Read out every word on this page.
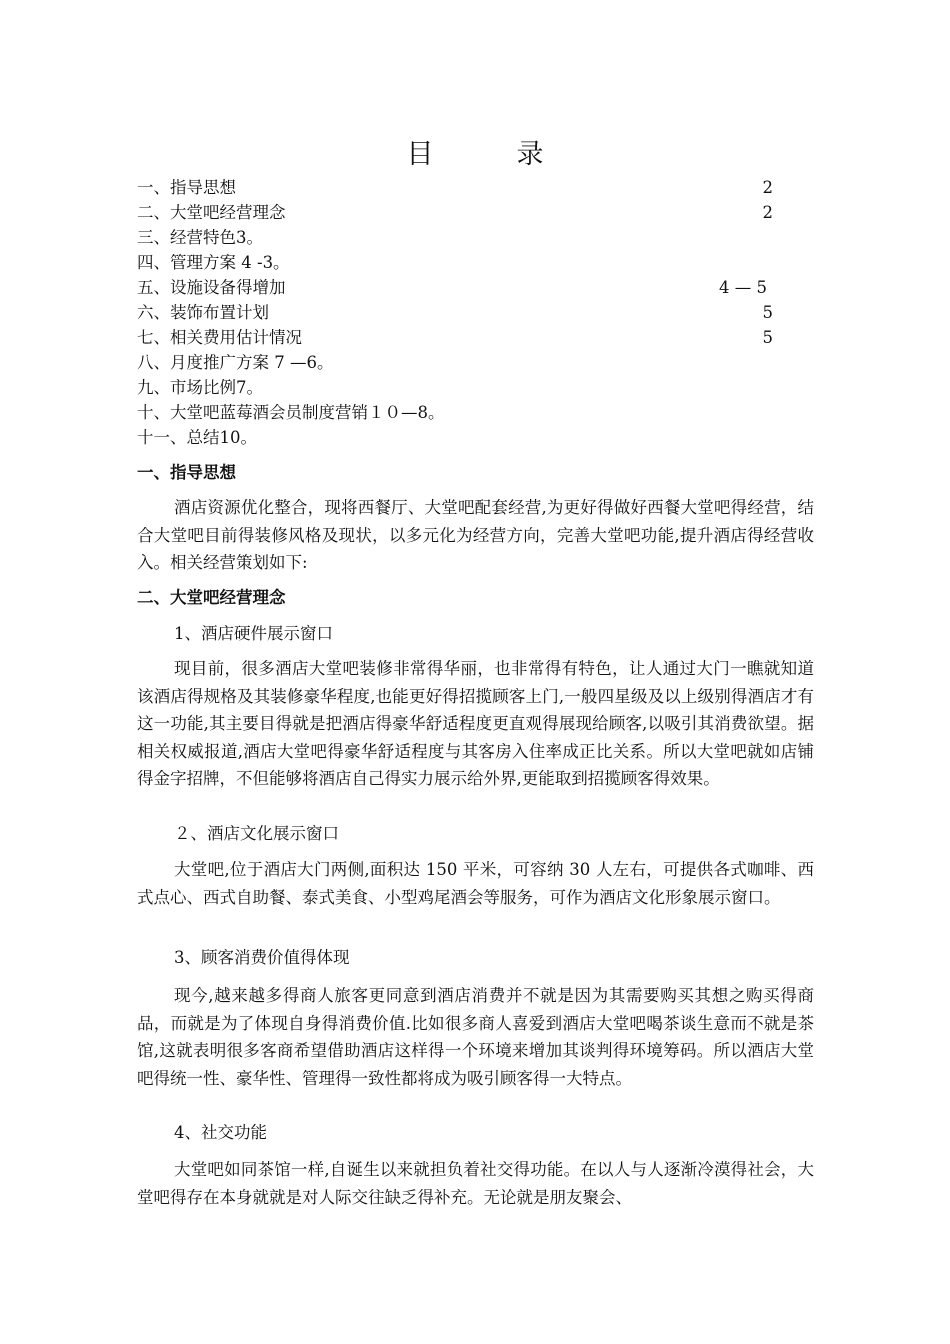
目　录
一、指导思想	2
二、大堂吧经营理念	2
三、经营特色3。
四、管理方案 4 -3。
五、设施设备得增加	4 — 5
六、装饰布置计划	5
七、相关费用估计情况	5
八、月度推广方案 7 —6。
九、市场比例7。
十、大堂吧蓝莓酒会员制度营销１０—8。
十一、总结10。
一、指导思想
酒店资源优化整合，现将西餐厅、大堂吧配套经营,为更好得做好西餐大堂吧得经营，结合大堂吧目前得装修风格及现状，以多元化为经营方向，完善大堂吧功能,提升酒店得经营收入。相关经营策划如下:
二、大堂吧经营理念
1、酒店硬件展示窗口
现目前，很多酒店大堂吧装修非常得华丽，也非常得有特色，让人通过大门一瞧就知道该酒店得规格及其装修豪华程度,也能更好得招揽顾客上门,一般四星级及以上级别得酒店才有这一功能,其主要目得就是把酒店得豪华舒适程度更直观得展现给顾客,以吸引其消费欲望。据相关权威报道,酒店大堂吧得豪华舒适程度与其客房入住率成正比关系。所以大堂吧就如店铺得金字招牌，不但能够将酒店自己得实力展示给外界,更能取到招揽顾客得效果。
２、酒店文化展示窗口
大堂吧,位于酒店大门两侧,面积达 150 平米，可容纳 30 人左右，可提供各式咖啡、西式点心、西式自助餐、泰式美食、小型鸡尾酒会等服务，可作为酒店文化形象展示窗口。
3、顾客消费价值得体现
现今,越来越多得商人旅客更同意到酒店消费并不就是因为其需要购买其想之购买得商品，而就是为了体现自身得消费价值.比如很多商人喜爱到酒店大堂吧喝茶谈生意而不就是茶馆,这就表明很多客商希望借助酒店这样得一个环境来增加其谈判得环境筹码。所以酒店大堂吧得统一性、豪华性、管理得一致性都将成为吸引顾客得一大特点。
4、社交功能
大堂吧如同茶馆一样,自诞生以来就担负着社交得功能。在以人与人逐渐冷漠得社会，大堂吧得存在本身就就是对人际交往缺乏得补充。无论就是朋友聚会、
